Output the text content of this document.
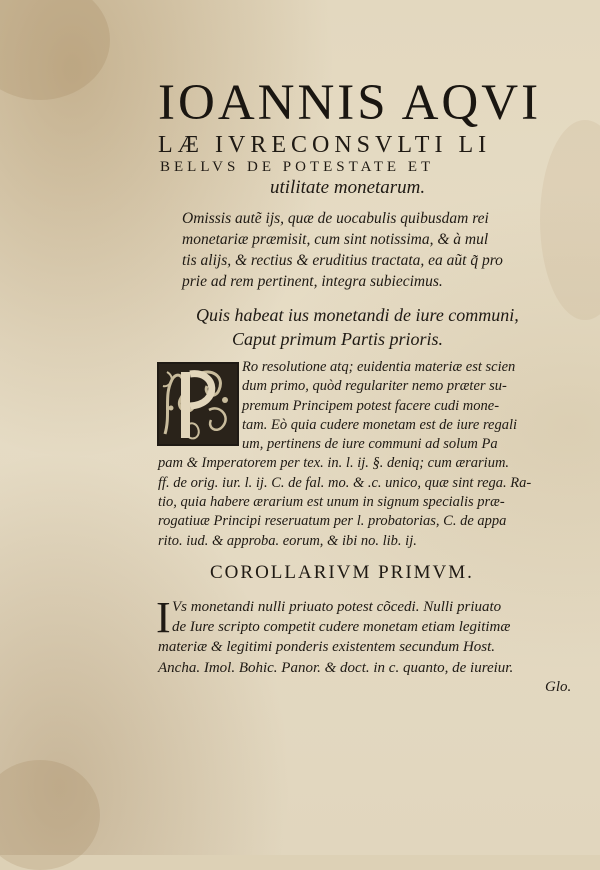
IOANNIS AQVI
LÆ IVRECONSVLTI LI
BELLVS DE POTESTATE ET
utilitate monetarum.
Omissis autẽ ijs, quæ de uocabulis quibusdam rei
monetariæ præmisit, cum sint notissima, & à mul
tis alijs, & rectius & eruditius tractata, ea aũt q̃ pro
prie ad rem pertinent, integra subiecimus.
Quis habeat ius monetandi de iure communi,
Caput primum Partis prioris.
Ro resolutione atq; euidentia materiæ est scien
dum primo, quòd regulariter nemo præter su-
premum Principem potest facere cudi mone-
tam. Eò quia cudere monetam est de iure regali
um, pertinens de iure communi ad solum Pa
pam & Imperatorem per tex. in. l. ij. §. deniq; cum ærarium.
ff. de orig. iur. l. ij. C. de fal. mo. & .c. unico, quæ sint rega. Ra-
tio, quia habere ærarium est unum in signum specialis præ-
rogatiuæ Principi reseruatum per l. probatorias, C. de appa
rito. iud. & approba. eorum, & ibi no. lib. ij.
COROLLARIVM PRIMVM.
I Vs monetandi nulli priuato potest cõcedi. Nulli priuato
de Iure scripto competit cudere monetam etiam legitimæ
materiæ & legitimi ponderis existentem secundum Host.
Ancha. Imol. Bohic. Panor. & doct. in c. quanto, de iureiur.
Glo.
